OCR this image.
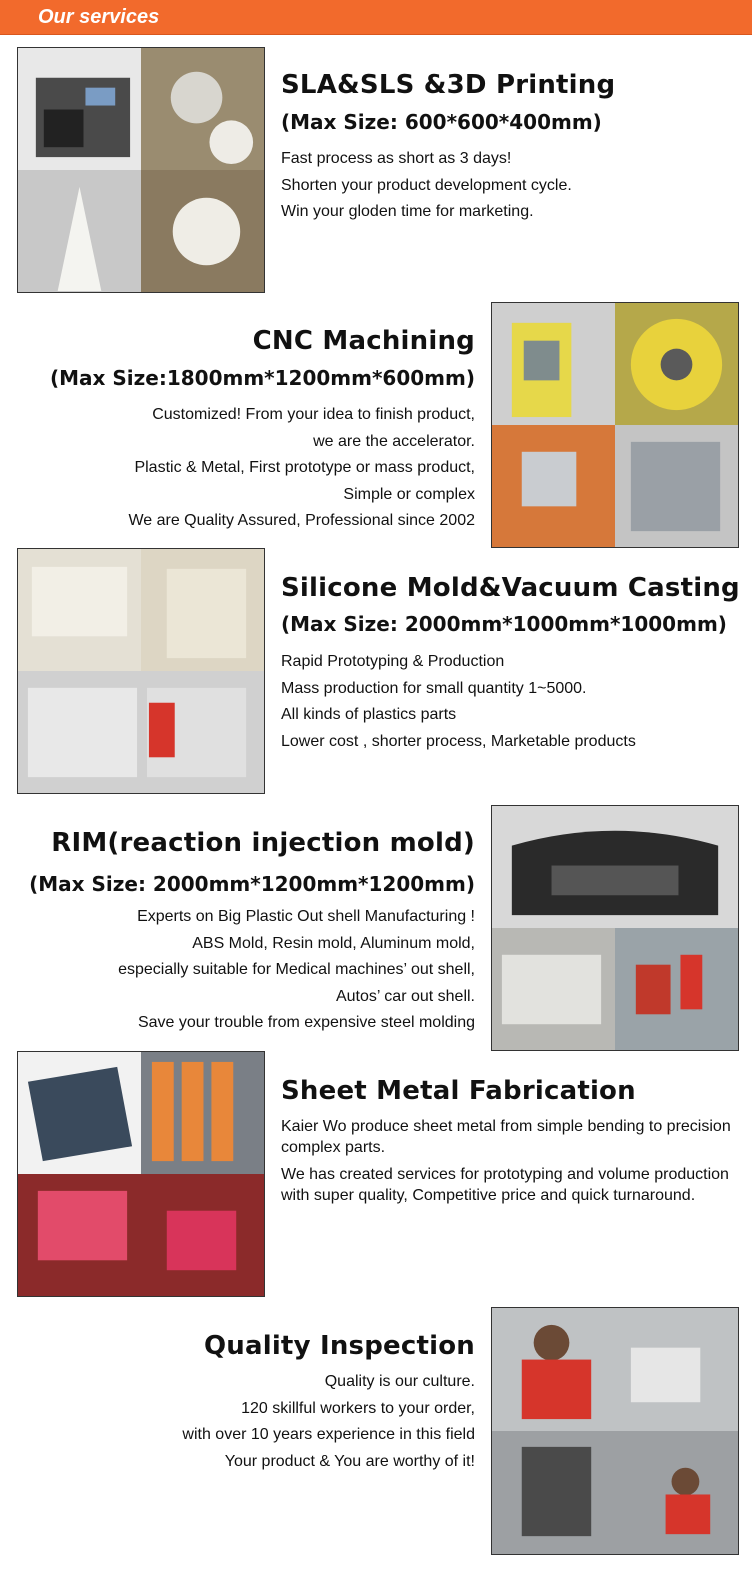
Our services
SLA&SLS &3D Printing
(Max Size: 600*600*400mm)
Fast process as short as 3 days!
Shorten your product development cycle.
Win your gloden time for marketing.
CNC Machining
(Max Size:1800mm*1200mm*600mm)
Customized! From your idea to finish product,
we are the accelerator.
Plastic & Metal, First prototype or mass product,
Simple or complex
We are Quality Assured, Professional since 2002
Silicone Mold&Vacuum Casting
(Max Size: 2000mm*1000mm*1000mm)
Rapid Prototyping & Production
Mass production for small quantity 1~5000.
All kinds of plastics parts
Lower cost , shorter process, Marketable products
RIM(reaction injection mold)
(Max Size: 2000mm*1200mm*1200mm)
Experts on Big Plastic Out shell Manufacturing !
ABS Mold, Resin mold, Aluminum mold,
especially suitable for Medical machines’ out shell,
Autos’ car out shell.
Save your trouble from expensive steel molding
Sheet Metal Fabrication

Kaier Wo produce sheet metal from simple bending to precision complex parts.

We has created services for prototyping and volume production with super quality, Competitive price and quick turnaround.

Quality Inspection
Quality is our culture.
120 skillful workers to your order,
with over 10 years experience in this field
Your product & You are worthy of it!
